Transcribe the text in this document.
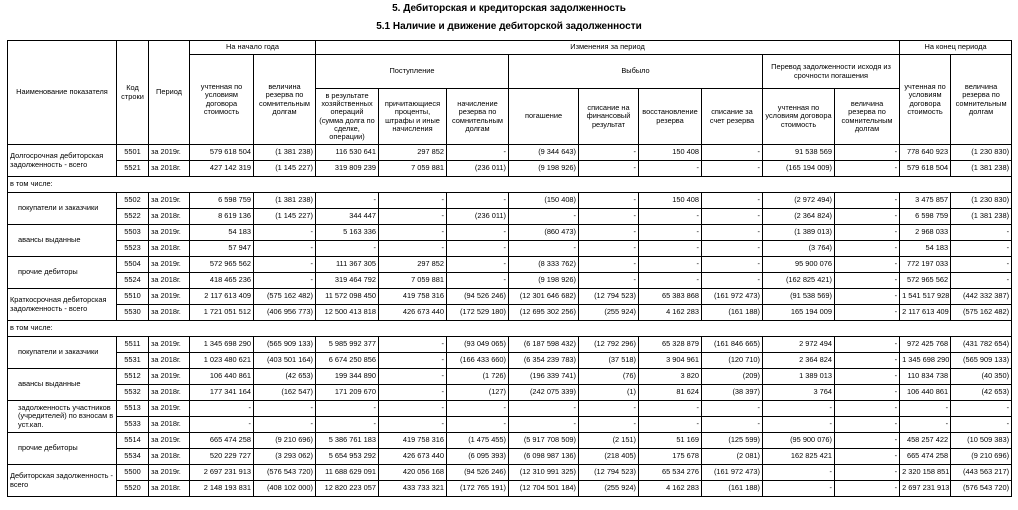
5. Дебиторская и кредиторская задолженность
5.1 Наличие и движение дебиторской задолженности
Наименование показателя	Код строки	Период	На начало года		Изменения за период									На конец периода	
			учтенная по условиям договора стоимость	величина резерва по сомнительным долгам	Поступление			Выбыло				Перевод задолженности исходя из срочности погашения		учтенная по условиям договора стоимость	величина резерва по сомнительным долгам
					в результате хозяйственных операций (сумма долга по сделке, операции)	причитающиеся проценты, штрафы и иные начисления	начисление резерва по сомнительным долгам	погашение	списание на финансовый результат	восстановление резерва	списание за счет резерва	учтенная по условиям договора стоимость	величина резерва по сомнительным долгам		
Долгосрочная дебиторская задолженность - всего	5501	за 2019г.	579 618 504	(1 381 238)	116 530 641	297 852	-	(9 344 643)	-	150 408	-	91 538 569	-	778 640 923	(1 230 830)
	5521	за 2018г.	427 142 319	(1 145 227)	319 809 239	7 059 881	(236 011)	(9 198 926)	-	-	-	(165 194 009)	-	579 618 504	(1 381 238)
в том числе:															
покупатели и заказчики	5502	за 2019г.	6 598 759	(1 381 238)	-	-	-	(150 408)	-	150 408	-	(2 972 494)	-	3 475 857	(1 230 830)
	5522	за 2018г.	8 619 136	(1 145 227)	344 447	-	(236 011)	-	-	-	-	(2 364 824)	-	6 598 759	(1 381 238)
авансы выданные	5503	за 2019г.	54 183	-	5 163 336	-	-	(860 473)	-	-	-	(1 389 013)	-	2 968 033	-
	5523	за 2018г.	57 947	-	-	-	-	-	-	-	-	(3 764)	-	54 183	-
прочие дебиторы	5504	за 2019г.	572 965 562	-	111 367 305	297 852	-	(8 333 762)	-	-	-	95 900 076	-	772 197 033	-
	5524	за 2018г.	418 465 236	-	319 464 792	7 059 881	-	(9 198 926)	-	-	-	(162 825 421)	-	572 965 562	-
Краткосрочная дебиторская задолженность - всего	5510	за 2019г.	2 117 613 409	(575 162 482)	11 572 098 450	419 758 316	(94 526 246)	(12 301 646 682)	(12 794 523)	65 383 868	(161 972 473)	(91 538 569)	-	1 541 517 928	(442 332 387)
	5530	за 2018г.	1 721 051 512	(406 956 773)	12 500 413 818	426 673 440	(172 529 180)	(12 695 302 256)	(255 924)	4 162 283	(161 188)	165 194 009	-	2 117 613 409	(575 162 482)
в том числе:															
покупатели и заказчики	5511	за 2019г.	1 345 698 290	(565 909 133)	5 985 992 377	-	(93 049 065)	(6 187 598 432)	(12 792 296)	65 328 879	(161 846 665)	2 972 494	-	972 425 768	(431 782 654)
	5531	за 2018г.	1 023 480 621	(403 501 164)	6 674 250 856	-	(166 433 660)	(6 354 239 783)	(37 518)	3 904 961	(120 710)	2 364 824	-	1 345 698 290	(565 909 133)
авансы выданные	5512	за 2019г.	106 440 861	(42 653)	199 344 890	-	(1 726)	(196 339 741)	(76)	3 820	(209)	1 389 013	-	110 834 738	(40 350)
	5532	за 2018г.	177 341 164	(162 547)	171 209 670	-	(127)	(242 075 339)	(1)	81 624	(38 397)	3 764	-	106 440 861	(42 653)
задолженность участников (учредителей) по взносам в уст.кап.	5513	за 2019г.	-	-	-	-	-	-	-	-	-	-	-	-	-
	5533	за 2018г.	-	-	-	-	-	-	-	-	-	-	-	-	-
прочие дебиторы	5514	за 2019г.	665 474 258	(9 210 696)	5 386 761 183	419 758 316	(1 475 455)	(5 917 708 509)	(2 151)	51 169	(125 599)	(95 900 076)	-	458 257 422	(10 509 383)
	5534	за 2018г.	520 229 727	(3 293 062)	5 654 953 292	426 673 440	(6 095 393)	(6 098 987 136)	(218 405)	175 678	(2 081)	162 825 421	-	665 474 258	(9 210 696)
Дебиторская задолженность - всего	5500	за 2019г.	2 697 231 913	(576 543 720)	11 688 629 091	420 056 168	(94 526 246)	(12 310 991 325)	(12 794 523)	65 534 276	(161 972 473)	-	-	2 320 158 851	(443 563 217)
	5520	за 2018г.	2 148 193 831	(408 102 000)	12 820 223 057	433 733 321	(172 765 191)	(12 704 501 184)	(255 924)	4 162 283	(161 188)	-	-	2 697 231 913	(576 543 720)
